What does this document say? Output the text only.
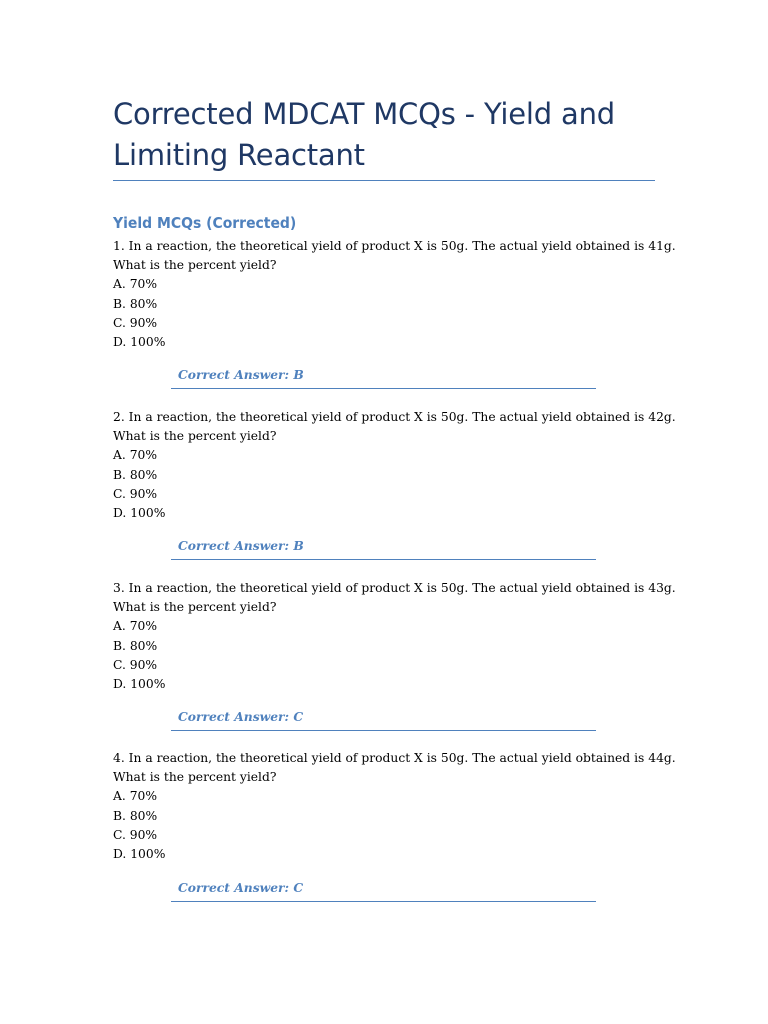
Corrected MDCAT MCQs - Yield and Limiting Reactant
Yield MCQs (Corrected)
1. In a reaction, the theoretical yield of product X is 50g. The actual yield obtained is 41g.
What is the percent yield?
A. 70%
B. 80%
C. 90%
D. 100%
Correct Answer: B
2. In a reaction, the theoretical yield of product X is 50g. The actual yield obtained is 42g.
What is the percent yield?
A. 70%
B. 80%
C. 90%
D. 100%
Correct Answer: B
3. In a reaction, the theoretical yield of product X is 50g. The actual yield obtained is 43g.
What is the percent yield?
A. 70%
B. 80%
C. 90%
D. 100%
Correct Answer: C
4. In a reaction, the theoretical yield of product X is 50g. The actual yield obtained is 44g.
What is the percent yield?
A. 70%
B. 80%
C. 90%
D. 100%
Correct Answer: C
